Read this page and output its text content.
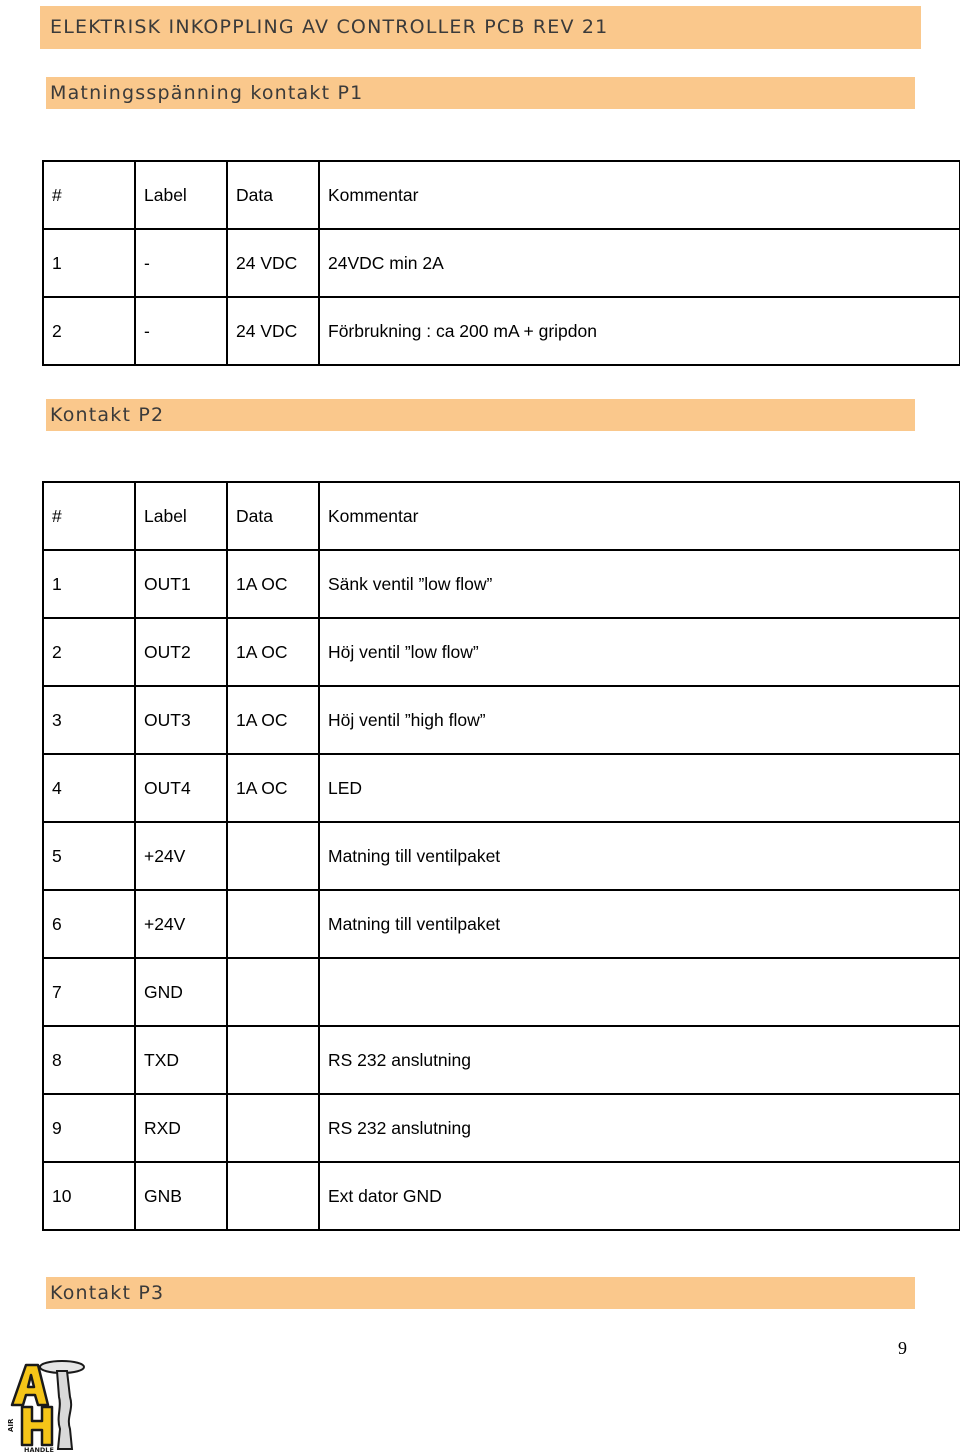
ELEKTRISK INKOPPLING AV CONTROLLER PCB REV 21
Matningsspänning kontakt P1
#	Label	Data	Kommentar
1	-	24 VDC	24VDC min 2A
2	-	24 VDC	Förbrukning : ca 200 mA + gripdon
Kontakt P2
#	Label	Data	Kommentar
1	OUT1	1A OC	Sänk ventil ”low flow”
2	OUT2	1A OC	Höj ventil ”low flow”
3	OUT3	1A OC	Höj ventil ”high flow”
4	OUT4	1A OC	LED
5	+24V		Matning till ventilpaket
6	+24V		Matning till ventilpaket
7	GND		
8	TXD		RS 232 anslutning
9	RXD		RS 232 anslutning
10	GNB		Ext dator GND
Kontakt P3
9
AIR
HANDLE
